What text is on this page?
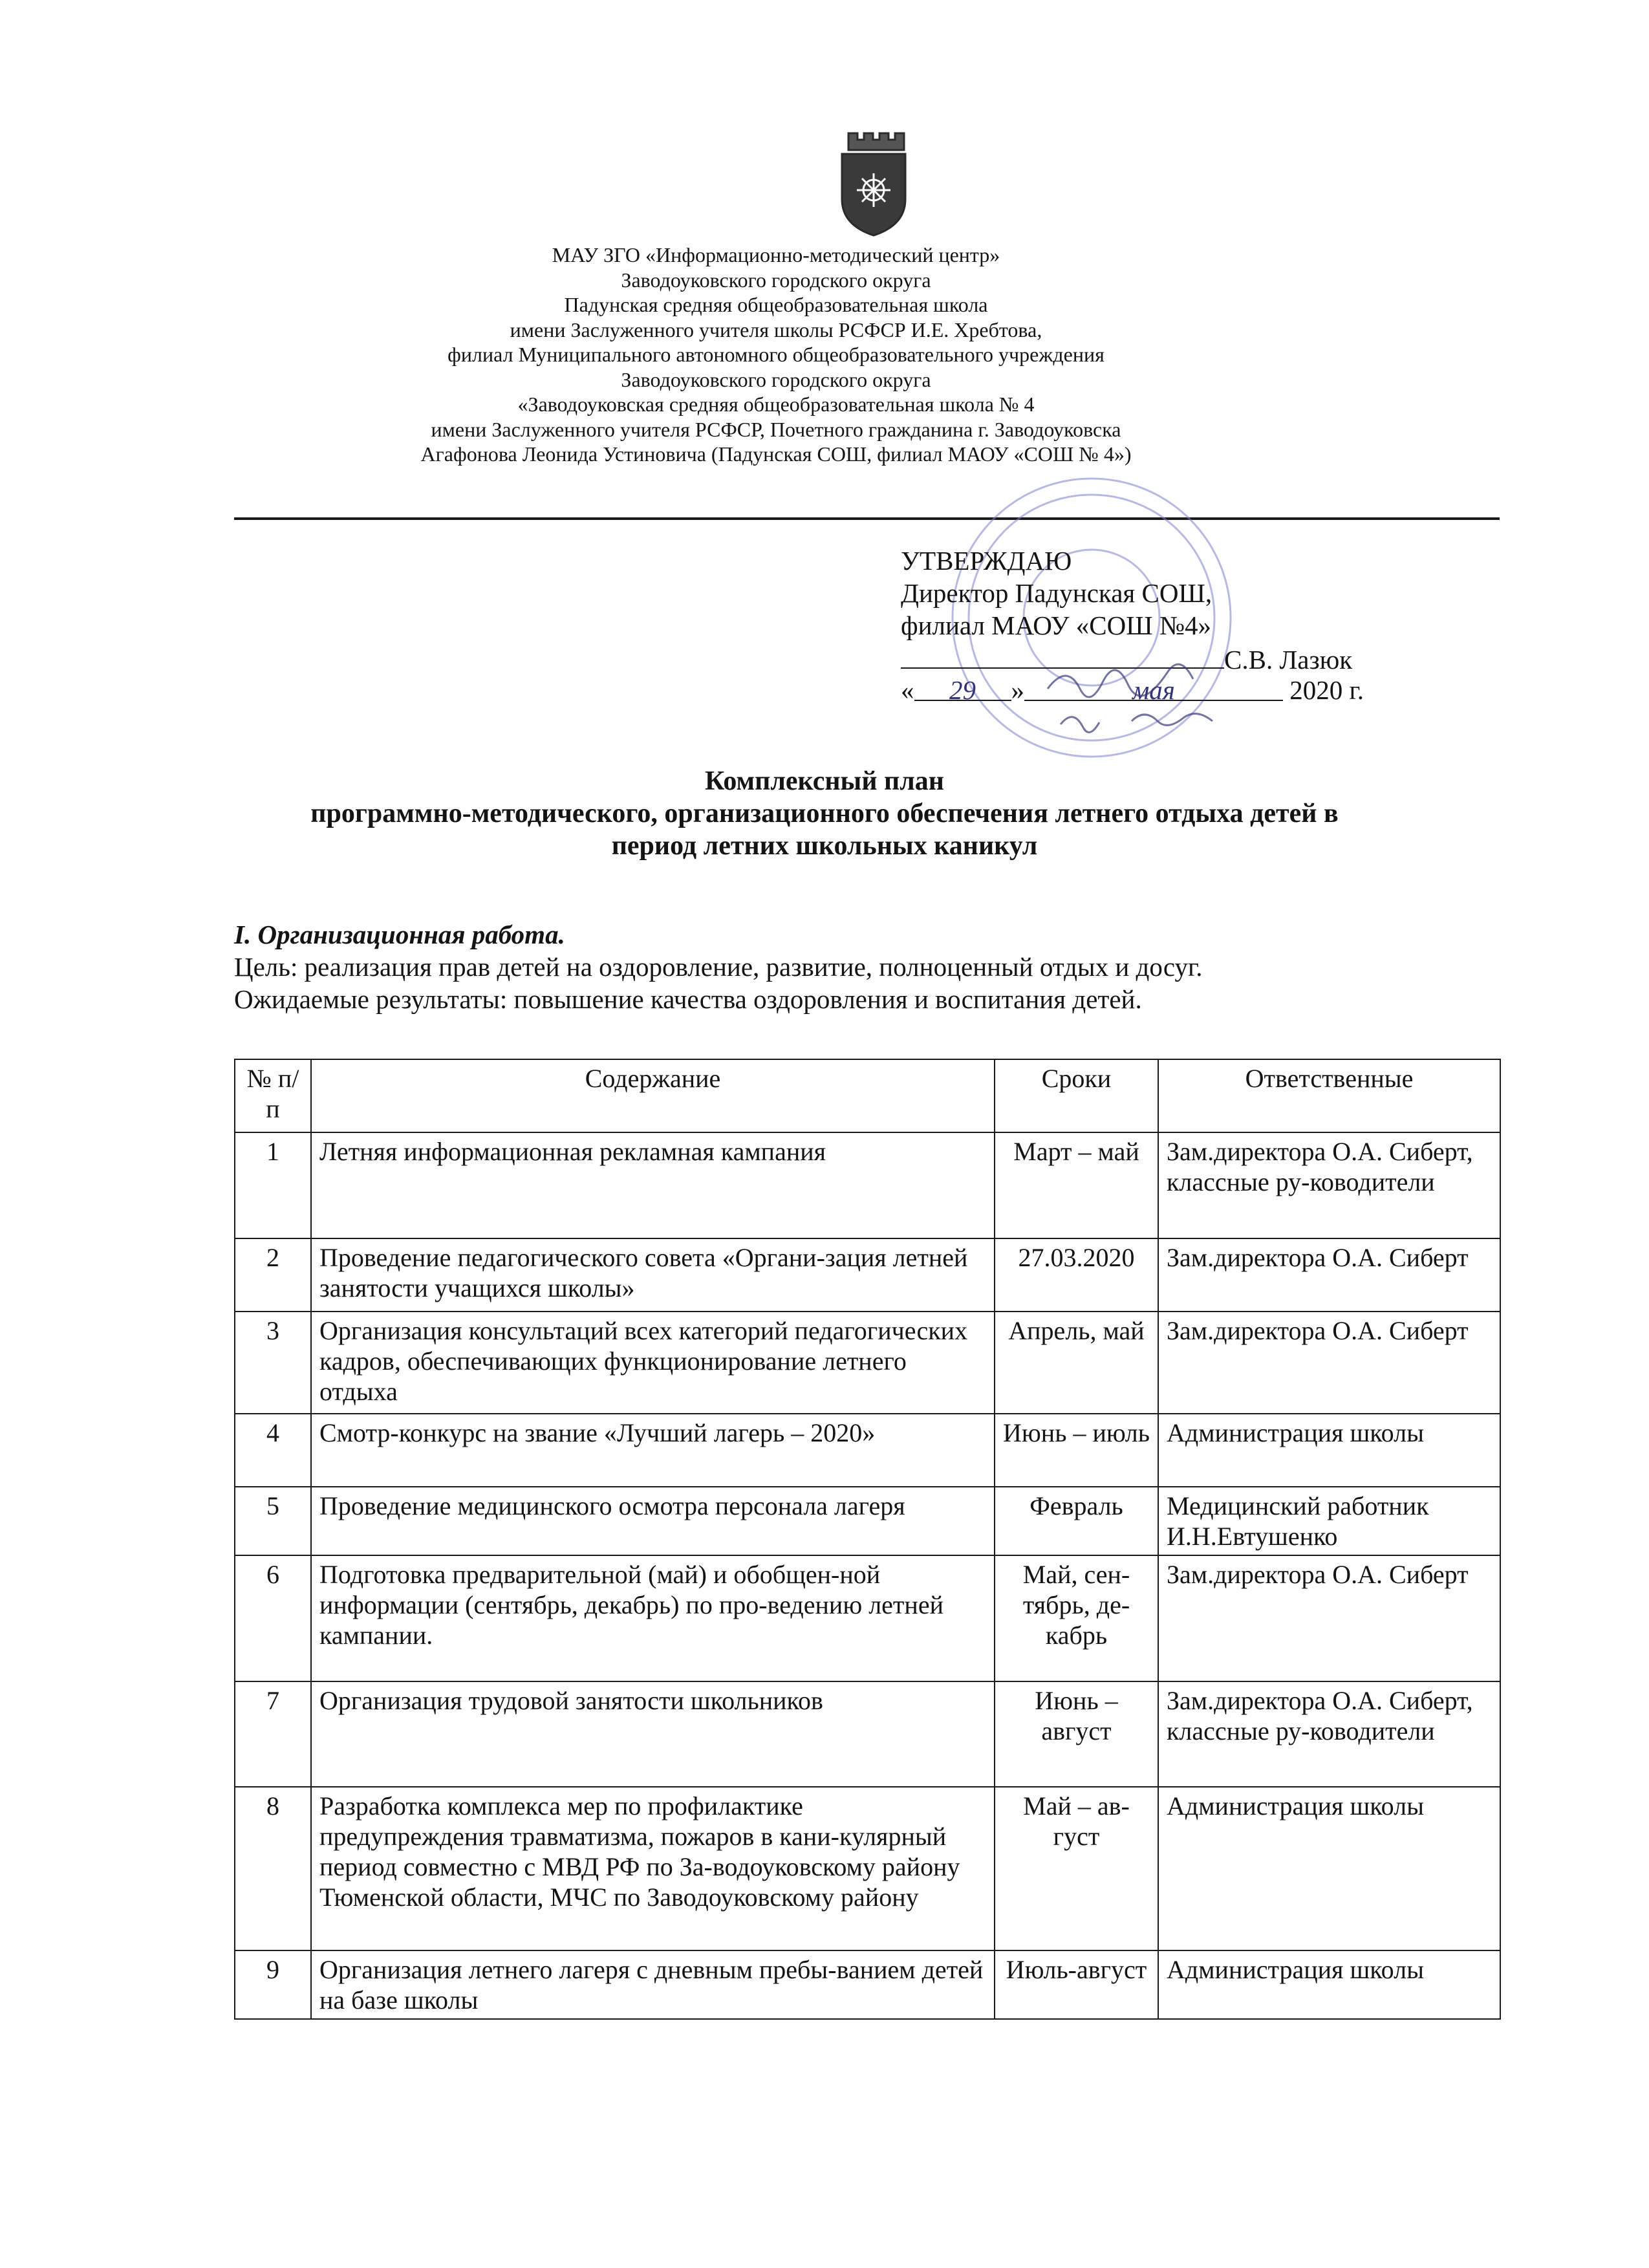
МАУ ЗГО «Информационно-методический центр»
Заводоуковского городского округа
Падунская средняя общеобразовательная школа
имени Заслуженного учителя школы РСФСР И.Е. Хребтова,
филиал Муниципального автономного общеобразовательного учреждения
Заводоуковского городского округа
«Заводоуковская средняя общеобразовательная школа № 4
имени Заслуженного учителя РСФСР, Почетного гражданина г. Заводоуковска
Агафонова Леонида Устиновича (Падунская СОШ, филиал МАОУ «СОШ № 4»)
УТВЕРЖДАЮ
Директор Падунская СОШ,
филиал МАОУ «СОШ №4»
С.В. Лазюк
« 29 »	мая	2020 г.
Комплексный план
программно-методического, организационного обеспечения летнего отдыха детей в
период летних школьных каникул
I. Организационная работа.
Цель: реализация прав детей на оздоровление, развитие, полноценный отдых и досуг.
Ожидаемые результаты: повышение качества оздоровления и воспитания детей.
№ п/п	Содержание	Сроки	Ответственные
1	Летняя информационная рекламная кампания	Март – май	Зам.директора О.А. Сиберт, классные ру-ководители
2	Проведение педагогического совета «Органи-зация летней занятости учащихся школы»	27.03.2020	Зам.директора О.А. Сиберт
3	Организация консультаций всех категорий педагогических кадров, обеспечивающих функционирование летнего отдыха	Апрель, май	Зам.директора О.А. Сиберт
4	Смотр-конкурс на звание «Лучший лагерь – 2020»	Июнь – июль	Администрация школы
5	Проведение медицинского осмотра персонала лагеря	Февраль	Медицинский работник И.Н.Евтушенко
6	Подготовка предварительной (май) и обобщен-ной информации (сентябрь, декабрь) по про-ведению летней кампании.	Май, сен-тябрь, де-кабрь	Зам.директора О.А. Сиберт
7	Организация трудовой занятости школьников	Июнь – август	Зам.директора О.А. Сиберт, классные ру-ководители
8	Разработка комплекса мер по профилактике предупреждения травматизма, пожаров в кани-кулярный период совместно с МВД РФ по За-водоуковскому району Тюменской области, МЧС по Заводоуковскому району	Май – ав-густ	Администрация школы
9	Организация летнего лагеря с дневным пребы-ванием детей на базе школы	Июль-август	Администрация школы
